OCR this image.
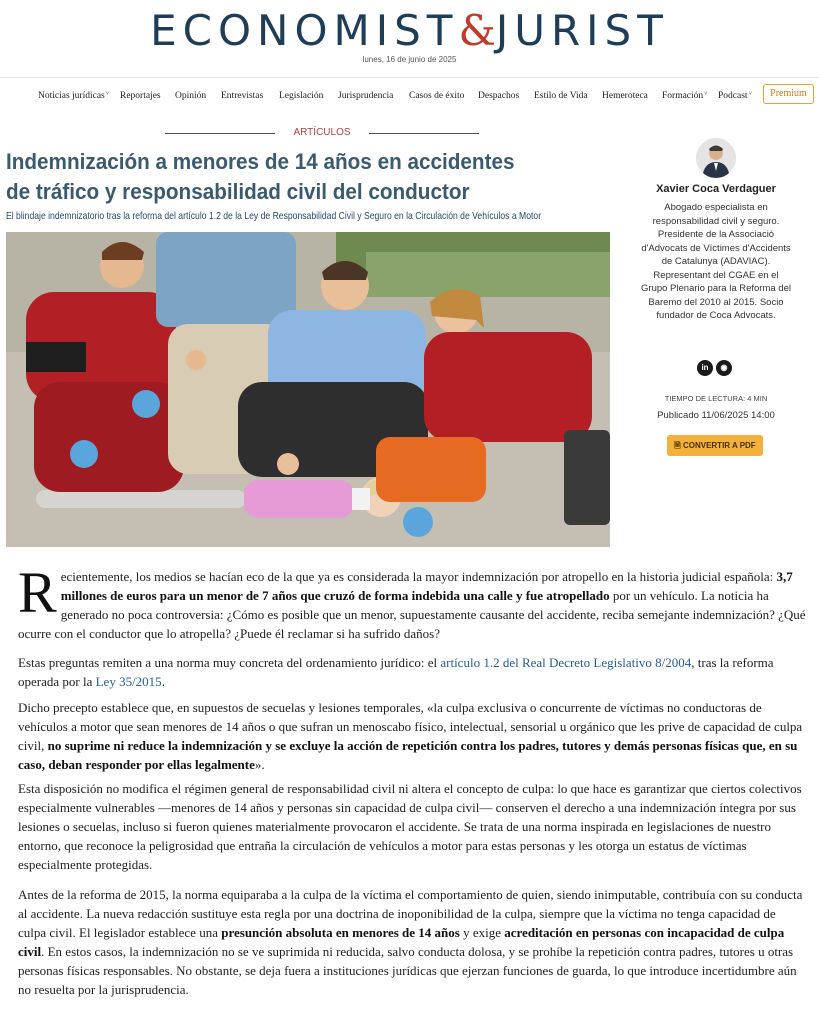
ECONOMIST&JURIST
lunes, 16 de junio de 2025
Noticias jurídicas˅ Reportajes Opinión Entrevistas Legislación Jurisprudencia Casos de éxito Despachos Estilo de Vida Hemeroteca Formación˅ Podcast˅	Premium
ARTÍCULOS
Indemnización a menores de 14 años en accidentes de tráfico y responsabilidad civil del conductor
El blindaje indemnizatorio tras la reforma del artículo 1.2 de la Ley de Responsabilidad Civil y Seguro en la Circulación de Vehículos a Motor
Xavier Coca Verdaguer
Abogado especialista en responsabilidad civil y seguro. Presidente de la Associació d'Advocats de Víctimes d'Accidents de Catalunya (ADAVIAC). Representant del CGAE en el Grupo Plenario para la Reforma del Baremo del 2010 al 2015. Socio fundador de Coca Advocats.
in	◉
TIEMPO DE LECTURA: 4 MIN
Publicado 11/06/2025 14:00
🗎 CONVERTIR A PDF
Recientemente, los medios se hacían eco de la que ya es considerada la mayor indemnización por atropello en la historia judicial española: 3,7 millones de euros para un menor de 7 años que cruzó de forma indebida una calle y fue atropellado por un vehículo. La noticia ha generado no poca controversia: ¿Cómo es posible que un menor, supuestamente causante del accidente, reciba semejante indemnización? ¿Qué ocurre con el conductor que lo atropella? ¿Puede él reclamar si ha sufrido daños?
Estas preguntas remiten a una norma muy concreta del ordenamiento jurídico: el artículo 1.2 del Real Decreto Legislativo 8/2004, tras la reforma operada por la Ley 35/2015.
Dicho precepto establece que, en supuestos de secuelas y lesiones temporales, «la culpa exclusiva o concurrente de víctimas no conductoras de vehículos a motor que sean menores de 14 años o que sufran un menoscabo físico, intelectual, sensorial u orgánico que les prive de capacidad de culpa civil, no suprime ni reduce la indemnización y se excluye la acción de repetición contra los padres, tutores y demás personas físicas que, en su caso, deban responder por ellas legalmente».
Esta disposición no modifica el régimen general de responsabilidad civil ni altera el concepto de culpa: lo que hace es garantizar que ciertos colectivos especialmente vulnerables —menores de 14 años y personas sin capacidad de culpa civil— conserven el derecho a una indemnización íntegra por sus lesiones o secuelas, incluso si fueron quienes materialmente provocaron el accidente. Se trata de una norma inspirada en legislaciones de nuestro entorno, que reconoce la peligrosidad que entraña la circulación de vehículos a motor para estas personas y les otorga un estatus de víctimas especialmente protegidas.
Antes de la reforma de 2015, la norma equiparaba a la culpa de la víctima el comportamiento de quien, siendo inimputable, contribuía con su conducta al accidente. La nueva redacción sustituye esta regla por una doctrina de inoponibilidad de la culpa, siempre que la víctima no tenga capacidad de culpa civil. El legislador establece una presunción absoluta en menores de 14 años y exige acreditación en personas con incapacidad de culpa civil. En estos casos, la indemnización no se ve suprimida ni reducida, salvo conducta dolosa, y se prohíbe la repetición contra padres, tutores u otras personas físicas responsables. No obstante, se deja fuera a instituciones jurídicas que ejerzan funciones de guarda, lo que introduce incertidumbre aún no resuelta por la jurisprudencia.
